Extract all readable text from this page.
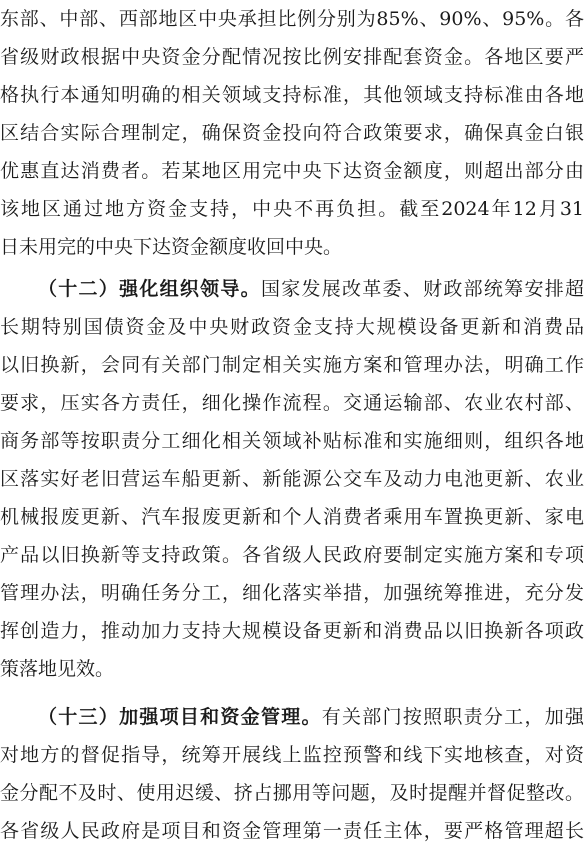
东部、中部、西部地区中央承担比例分别为85%、90%、95%。各
省级财政根据中央资金分配情况按比例安排配套资金。各地区要严
格执行本通知明确的相关领域支持标准，其他领域支持标准由各地
区结合实际合理制定，确保资金投向符合政策要求，确保真金白银
优惠直达消费者。若某地区用完中央下达资金额度，则超出部分由
该地区通过地方资金支持，中央不再负担。截至2024年12月31
日未用完的中央下达资金额度收回中央。
（十二）强化组织领导。国家发展改革委、财政部统筹安排超
长期特别国债资金及中央财政资金支持大规模设备更新和消费品
以旧换新，会同有关部门制定相关实施方案和管理办法，明确工作
要求，压实各方责任，细化操作流程。交通运输部、农业农村部、
商务部等按职责分工细化相关领域补贴标准和实施细则，组织各地
区落实好老旧营运车船更新、新能源公交车及动力电池更新、农业
机械报废更新、汽车报废更新和个人消费者乘用车置换更新、家电
产品以旧换新等支持政策。各省级人民政府要制定实施方案和专项
管理办法，明确任务分工，细化落实举措，加强统筹推进，充分发
挥创造力，推动加力支持大规模设备更新和消费品以旧换新各项政
策落地见效。
（十三）加强项目和资金管理。有关部门按照职责分工，加强
对地方的督促指导，统筹开展线上监控预警和线下实地核查，对资
金分配不及时、使用迟缓、挤占挪用等问题，及时提醒并督促整改。
各省级人民政府是项目和资金管理第一责任主体，要严格管理超长
